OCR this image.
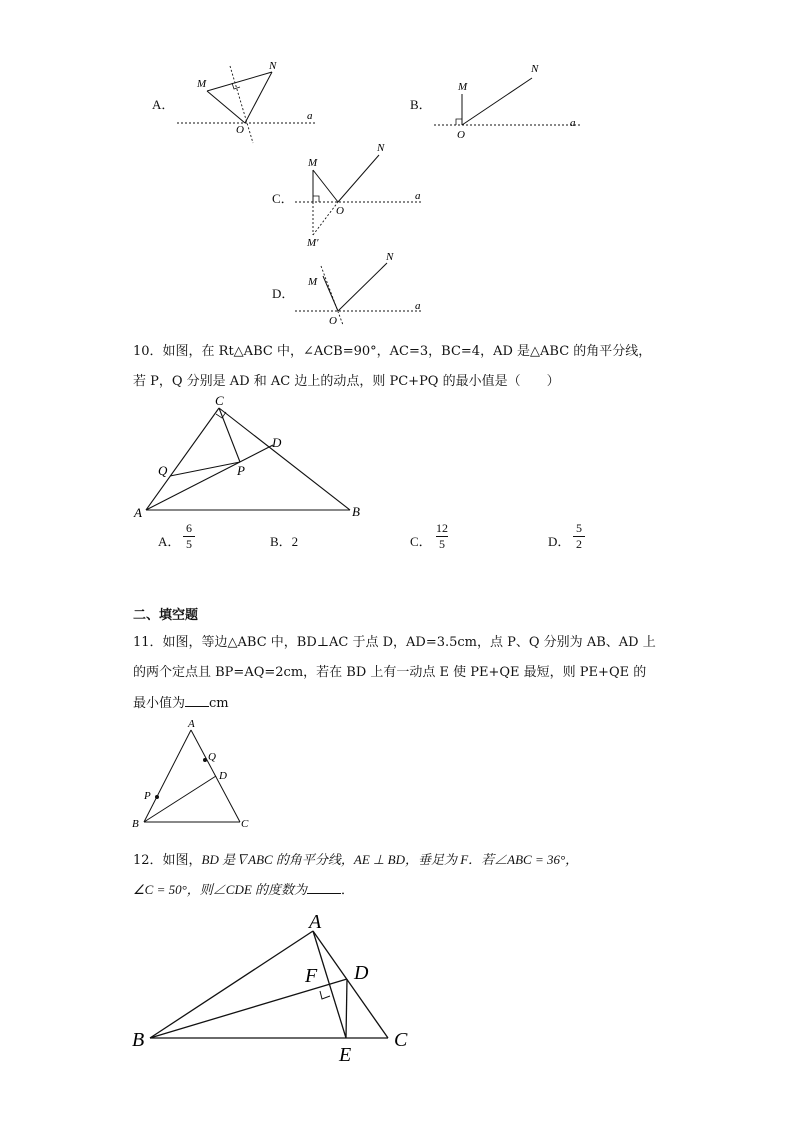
A．
M
N
O
a
B．
M
N
O
a
C．
M
N
O
a
M′
D．
M
N
O
a
10．如图，在 Rt△ABC 中，∠ACB=90°，AC=3，BC=4，AD 是△ABC 的角平分线，
若 P，Q 分别是 AD 和 AC 边上的动点，则 PC+PQ 的最小值是（　　）
A	B
C
D
P
Q
A．
6
5	B．2	C．
12
5	D．
5
2
二、填空题
11．如图，等边△ABC 中，BD⊥AC 于点 D，AD=3.5cm，点 P、Q 分别为 AB、AD 上
的两个定点且 BP=AQ=2cm，若在 BD 上有一动点 E 使 PE+QE 最短，则 PE+QE 的
最小值为 cm
A
B	C
D
P
Q
12．如图，BD 是∇ABC 的角平分线，AE ⊥ BD，垂足为 F．若∠ABC = 36°，
∠C = 50°，则∠CDE 的度数为	．
A
B	C
D
E
F
